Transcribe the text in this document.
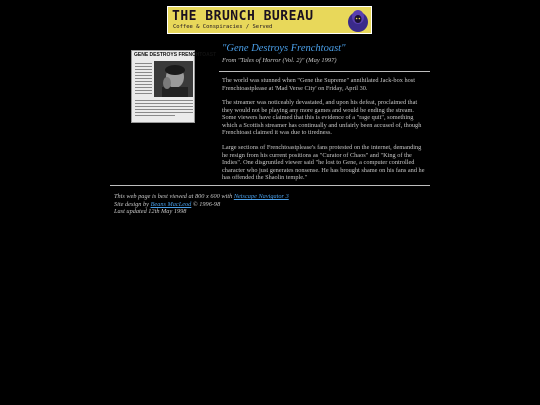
THE BRUNCH BUREAU
Coffee & Conspiracies / Served
GENE DESTROYS FRENCHTOAST
"Gene Destroys Frenchtoast"
From "Tales of Horror (Vol. 2)" (May 1997)

The world was stunned when "Gene the Supreme" annihilated Jack-box host Frenchtoastplease at 'Mad Verse City' on Friday, April 30.

The streamer was noticeably devastated, and upon his defeat, proclaimed that they would not be playing any more games and would be ending the stream. Some viewers have claimed that this is evidence of a "rage quit", something which a Scottish streamer has continually and unfairly been accused of, though Frenchtoast claimed it was due to tiredness.

Large sections of Frenchtoastplease's fans protested on the internet, demanding he resign from his current positions as "Curator of Chaos" and "King of the Indies". One disgruntled viewer said "he lost to Gene, a computer controlled character who just generates nonsense. He has brought shame on his fans and he has offended the Shaolin temple."

This web page is best viewed at 800 x 600 with Netscape Navigator 3
Site design by Beans MacLeod © 1996-98
Last updated 12th May 1998
